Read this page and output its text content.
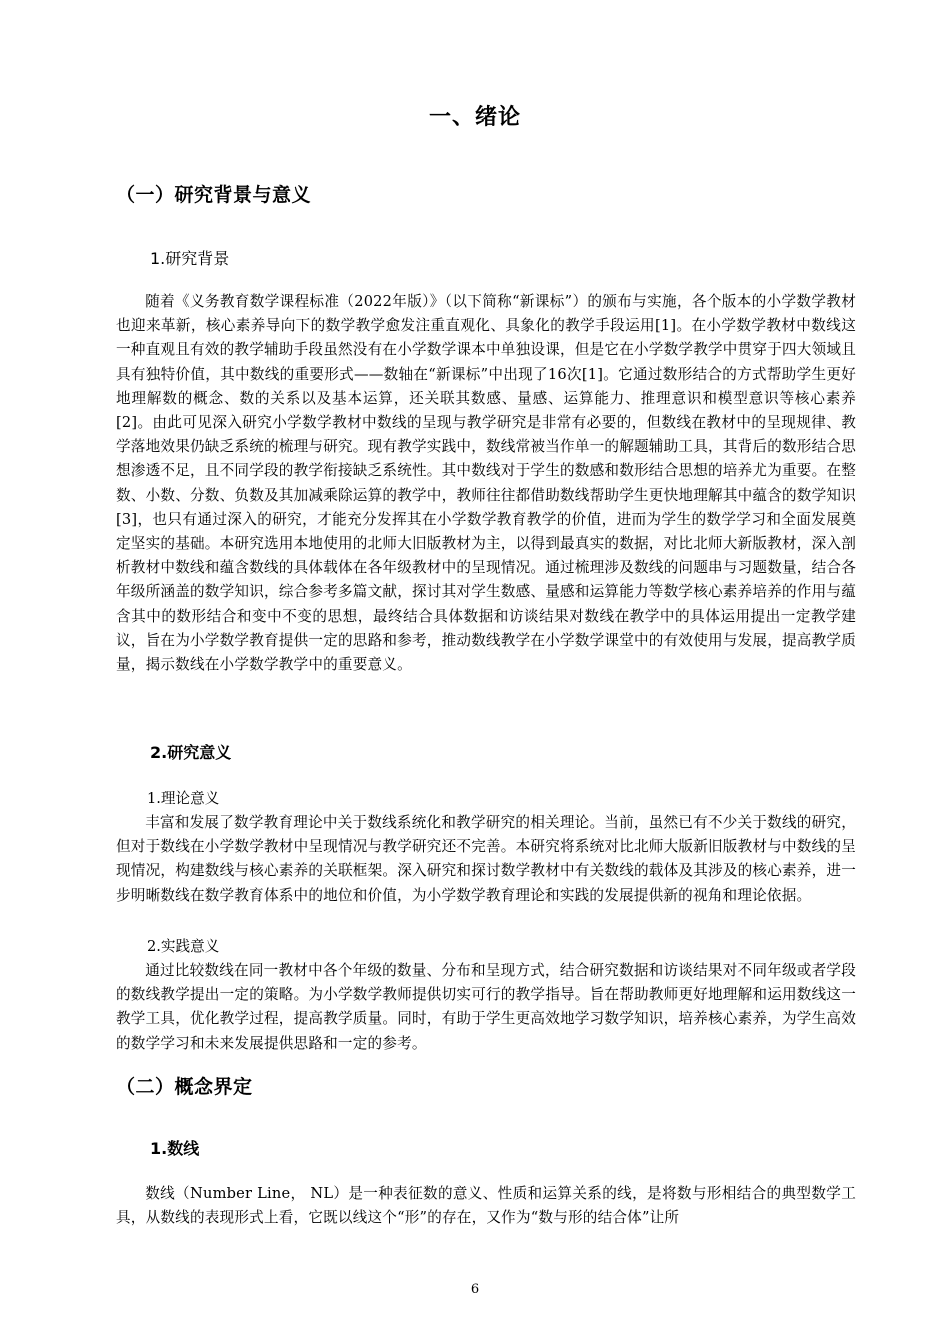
一、绪论
（一）研究背景与意义
1.研究背景
随着《义务教育数学课程标准（2022年版）》（以下简称“新课标”）的颁布与实施，各个版本的小学数学教材也迎来革新，核心素养导向下的数学教学愈发注重直观化、具象化的教学手段运用[1]。在小学数学教材中数线这一种直观且有效的教学辅助手段虽然没有在小学数学课本中单独设课，但是它在小学数学教学中贯穿于四大领域且具有独特价值，其中数线的重要形式——数轴在“新课标”中出现了16次[1]。它通过数形结合的方式帮助学生更好地理解数的概念、数的关系以及基本运算，还关联其数感、量感、运算能力、推理意识和模型意识等核心素养[2]。由此可见深入研究小学数学教材中数线的呈现与教学研究是非常有必要的，但数线在教材中的呈现规律、教学落地效果仍缺乏系统的梳理与研究。现有教学实践中，数线常被当作单一的解题辅助工具，其背后的数形结合思想渗透不足，且不同学段的教学衔接缺乏系统性。其中数线对于学生的数感和数形结合思想的培养尤为重要。在整数、小数、分数、负数及其加减乘除运算的教学中，教师往往都借助数线帮助学生更快地理解其中蕴含的数学知识[3]，也只有通过深入的研究，才能充分发挥其在小学数学教育教学的价值，进而为学生的数学学习和全面发展奠定坚实的基础。本研究选用本地使用的北师大旧版教材为主，以得到最真实的数据，对比北师大新版教材，深入剖析教材中数线和蕴含数线的具体载体在各年级教材中的呈现情况。通过梳理涉及数线的问题串与习题数量，结合各年级所涵盖的数学知识，综合参考多篇文献，探讨其对学生数感、量感和运算能力等数学核心素养培养的作用与蕴含其中的数形结合和变中不变的思想，最终结合具体数据和访谈结果对数线在教学中的具体运用提出一定教学建议，旨在为小学数学教育提供一定的思路和参考，推动数线教学在小学数学课堂中的有效使用与发展，提高教学质量，揭示数线在小学数学教学中的重要意义。
2.研究意义
1.理论意义
丰富和发展了数学教育理论中关于数线系统化和教学研究的相关理论。当前，虽然已有不少关于数线的研究，但对于数线在小学数学教材中呈现情况与教学研究还不完善。本研究将系统对比北师大版新旧版教材与中数线的呈现情况，构建数线与核心素养的关联框架。深入研究和探讨数学教材中有关数线的载体及其涉及的核心素养，进一步明晰数线在数学教育体系中的地位和价值，为小学数学教育理论和实践的发展提供新的视角和理论依据。
2.实践意义
通过比较数线在同一教材中各个年级的数量、分布和呈现方式，结合研究数据和访谈结果对不同年级或者学段的数线教学提出一定的策略。为小学数学教师提供切实可行的教学指导。旨在帮助教师更好地理解和运用数线这一教学工具，优化教学过程，提高教学质量。同时，有助于学生更高效地学习数学知识，培养核心素养，为学生高效的数学学习和未来发展提供思路和一定的参考。
（二）概念界定
1.数线
数线（Number Line， NL）是一种表征数的意义、性质和运算关系的线，是将数与形相结合的典型数学工具，从数线的表现形式上看，它既以线这个“形”的存在，又作为“数与形的结合体”让所
6
